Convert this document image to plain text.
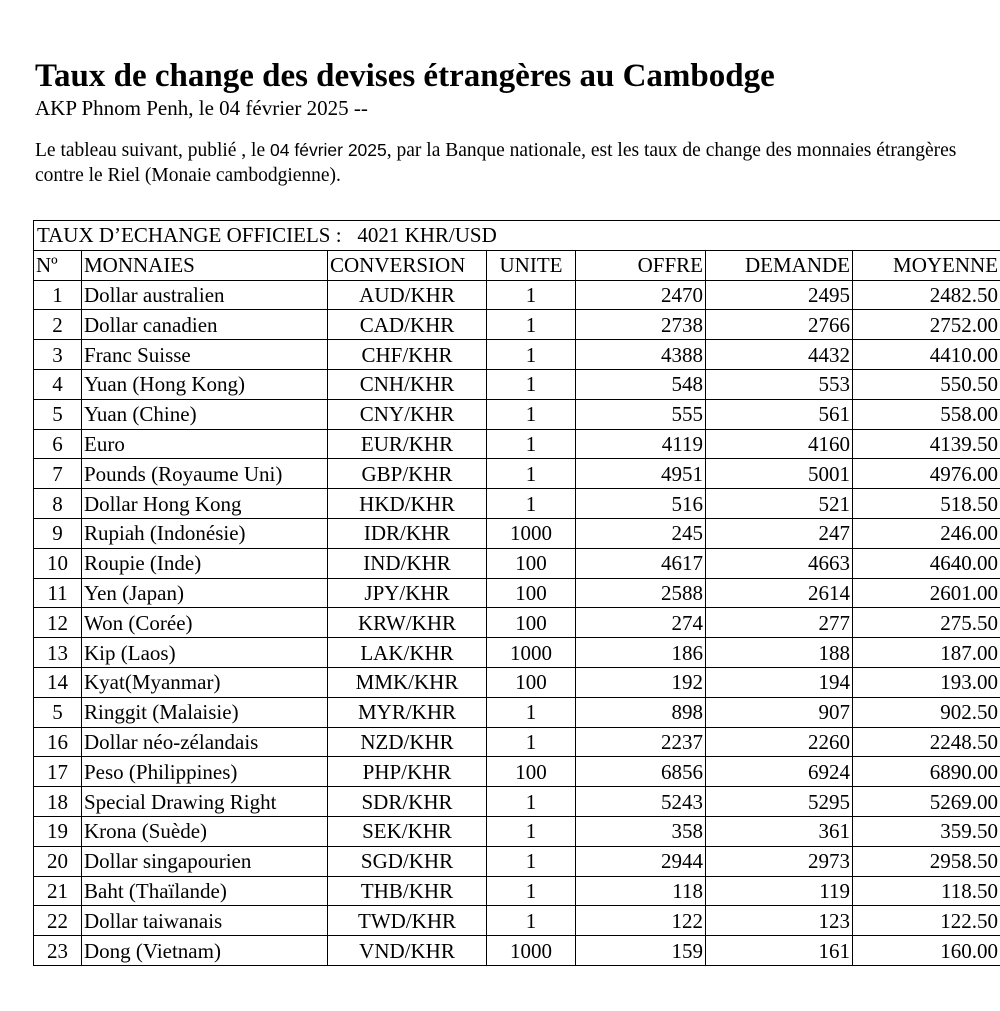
Taux de change des devises étrangères au Cambodge
AKP Phnom Penh, le 04 février 2025 --

Le tableau suivant, publié , le 04 février 2025, par la Banque nationale, est les taux de change des monnaies étrangères contre le Riel (Monaie cambodgienne).

TAUX D’ECHANGE OFFICIELS : 4021 KHR/USD						
Nº	MONNAIES	CONVERSION	UNITE	OFFRE	DEMANDE	MOYENNE
1	Dollar australien	AUD/KHR	1	2470	2495	2482.50
2	Dollar canadien	CAD/KHR	1	2738	2766	2752.00
3	Franc Suisse	CHF/KHR	1	4388	4432	4410.00
4	Yuan (Hong Kong)	CNH/KHR	1	548	553	550.50
5	Yuan (Chine)	CNY/KHR	1	555	561	558.00
6	Euro	EUR/KHR	1	4119	4160	4139.50
7	Pounds (Royaume Uni)	GBP/KHR	1	4951	5001	4976.00
8	Dollar Hong Kong	HKD/KHR	1	516	521	518.50
9	Rupiah (Indonésie)	IDR/KHR	1000	245	247	246.00
10	Roupie (Inde)	IND/KHR	100	4617	4663	4640.00
11	Yen (Japan)	JPY/KHR	100	2588	2614	2601.00
12	Won (Corée)	KRW/KHR	100	274	277	275.50
13	Kip (Laos)	LAK/KHR	1000	186	188	187.00
14	Kyat(Myanmar)	MMK/KHR	100	192	194	193.00
5	Ringgit (Malaisie)	MYR/KHR	1	898	907	902.50
16	Dollar néo-zélandais	NZD/KHR	1	2237	2260	2248.50
17	Peso (Philippines)	PHP/KHR	100	6856	6924	6890.00
18	Special Drawing Right	SDR/KHR	1	5243	5295	5269.00
19	Krona (Suède)	SEK/KHR	1	358	361	359.50
20	Dollar singapourien	SGD/KHR	1	2944	2973	2958.50
21	Baht (Thaïlande)	THB/KHR	1	118	119	118.50
22	Dollar taiwanais	TWD/KHR	1	122	123	122.50
23	Dong (Vietnam)	VND/KHR	1000	159	161	160.00
